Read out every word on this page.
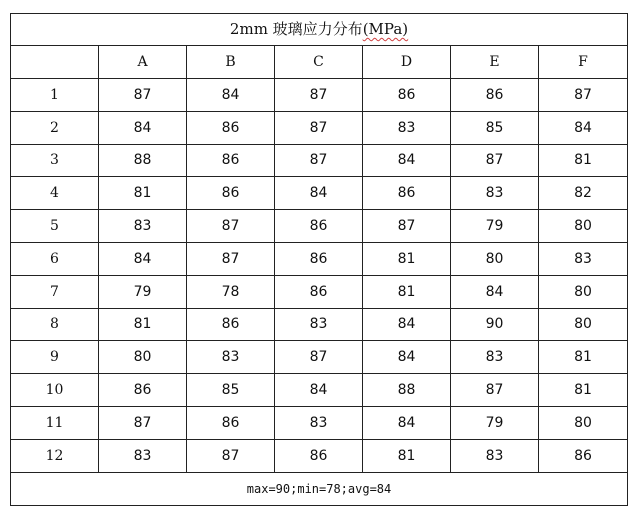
2mm 玻璃应力分布(MPa)						
	A	B	C	D	E	F
1	87	84	87	86	86	87
2	84	86	87	83	85	84
3	88	86	87	84	87	81
4	81	86	84	86	83	82
5	83	87	86	87	79	80
6	84	87	86	81	80	83
7	79	78	86	81	84	80
8	81	86	83	84	90	80
9	80	83	87	84	83	81
10	86	85	84	88	87	81
11	87	86	83	84	79	80
12	83	87	86	81	83	86
max=90;min=78;avg=84						
